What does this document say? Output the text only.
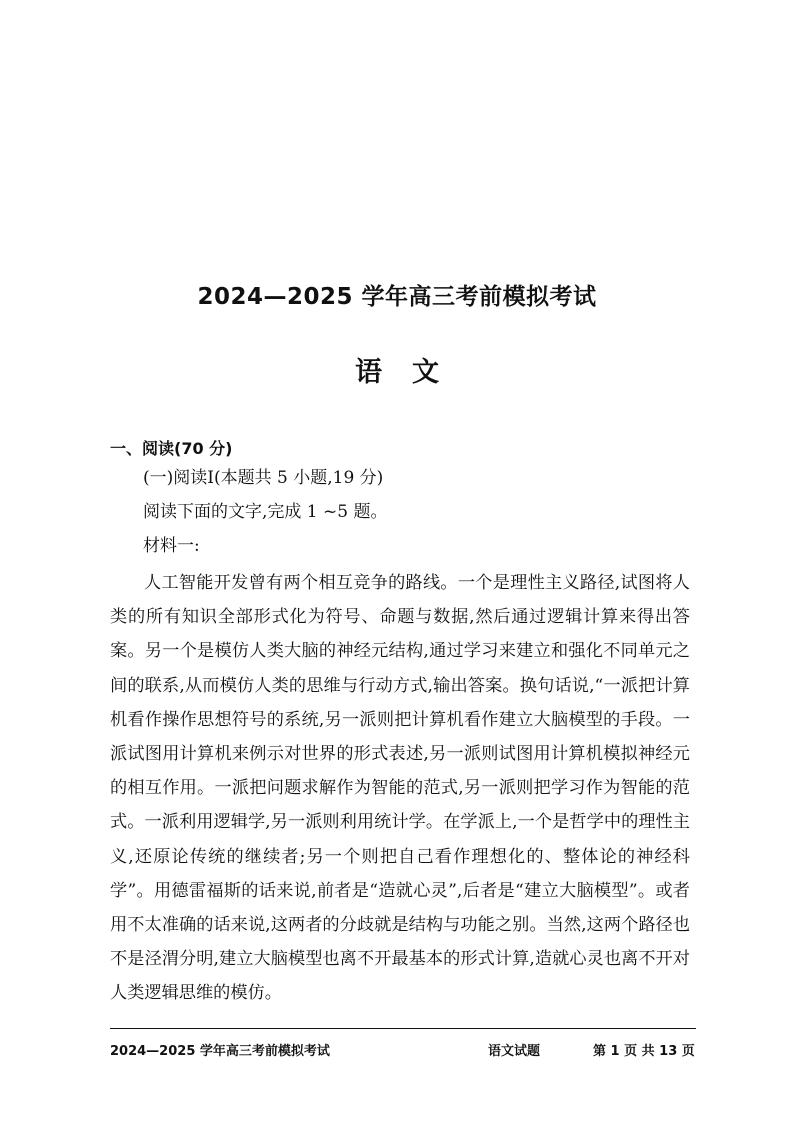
2024—2025 学年高三考前模拟考试
语文
一、阅读(70 分)
(一)阅读Ⅰ(本题共 5 小题,19 分)
阅读下面的文字,完成 1 ~5 题。
材料一:

人工智能开发曾有两个相互竞争的路线。一个是理性主义路径,试图将人类的所有知识全部形式化为符号、命题与数据,然后通过逻辑计算来得出答案。另一个是模仿人类大脑的神经元结构,通过学习来建立和强化不同单元之间的联系,从而模仿人类的思维与行动方式,输出答案。换句话说,“一派把计算机看作操作思想符号的系统,另一派则把计算机看作建立大脑模型的手段。一派试图用计算机来例示对世界的形式表述,另一派则试图用计算机模拟神经元的相互作用。一派把问题求解作为智能的范式,另一派则把学习作为智能的范式。一派利用逻辑学,另一派则利用统计学。在学派上,一个是哲学中的理性主义,还原论传统的继续者;另一个则把自己看作理想化的、整体论的神经科学”。用德雷福斯的话来说,前者是“造就心灵”,后者是“建立大脑模型”。或者用不太准确的话来说,这两者的分歧就是结构与功能之别。当然,这两个路径也不是泾渭分明,建立大脑模型也离不开最基本的形式计算,造就心灵也离不开对人类逻辑思维的模仿。

2024—2025 学年高三考前模拟考试	语文试题	第 1 页 共 13 页
